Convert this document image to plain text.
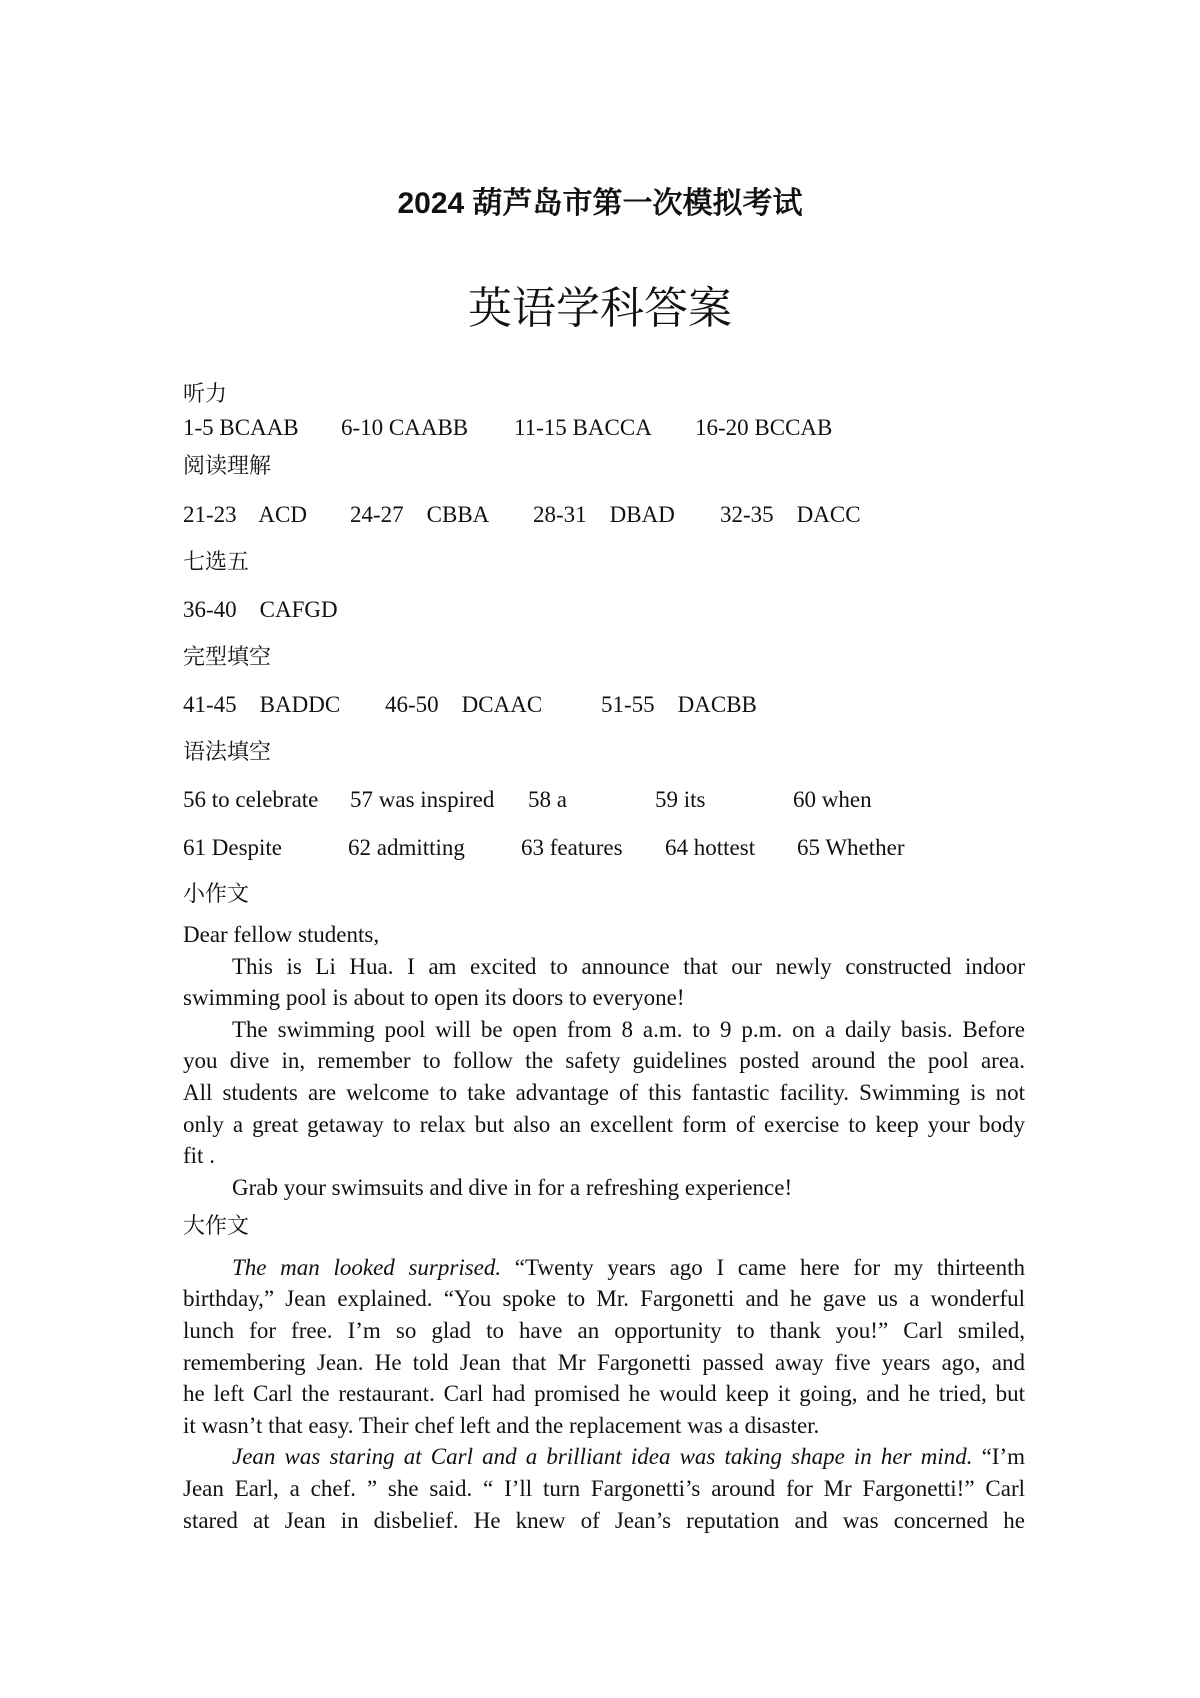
2024 葫芦岛市第一次模拟考试
英语学科答案
听力
1-5 BCAAB 6-10 CAABB 11-15 BACCA 16-20 BCCAB
阅读理解
21-23    ACD 24-27    CBBA 28-31    DBAD 32-35    DACC
七选五
36-40    CAFGD
完型填空
41-45    BADDC 46-50    DCAAC	51-55    DACBB
语法填空
56 to celebrate 57 was inspired 58 a	59 its	60 when
61 Despite	62 admitting 63 features 64 hottest 65 Whether
小作文
Dear fellow students,
This is Li Hua. I am excited to announce that our newly constructed indoor
swimming pool is about to open its doors to everyone!
The swimming pool will be open from 8 a.m. to 9 p.m. on a daily basis. Before
you dive in, remember to follow the safety guidelines posted around the pool area.
All students are welcome to take advantage of this fantastic facility. Swimming is not
only a great getaway to relax but also an excellent form of exercise to keep your body
fit .
Grab your swimsuits and dive in for a refreshing experience!
大作文
The man looked surprised. “Twenty years ago I came here for my thirteenth
birthday,” Jean explained. “You spoke to Mr. Fargonetti and he gave us a wonderful
lunch for free. I’m so glad to have an opportunity to thank you!” Carl smiled,
remembering Jean. He told Jean that Mr Fargonetti passed away five years ago, and
he left Carl the restaurant. Carl had promised he would keep it going, and he tried, but
it wasn’t that easy. Their chef left and the replacement was a disaster.
Jean was staring at Carl and a brilliant idea was taking shape in her mind. “I’m
Jean Earl, a chef. ” she said. “ I’ll turn Fargonetti’s around for Mr Fargonetti!” Carl
stared at Jean in disbelief. He knew of Jean’s reputation and was concerned he
